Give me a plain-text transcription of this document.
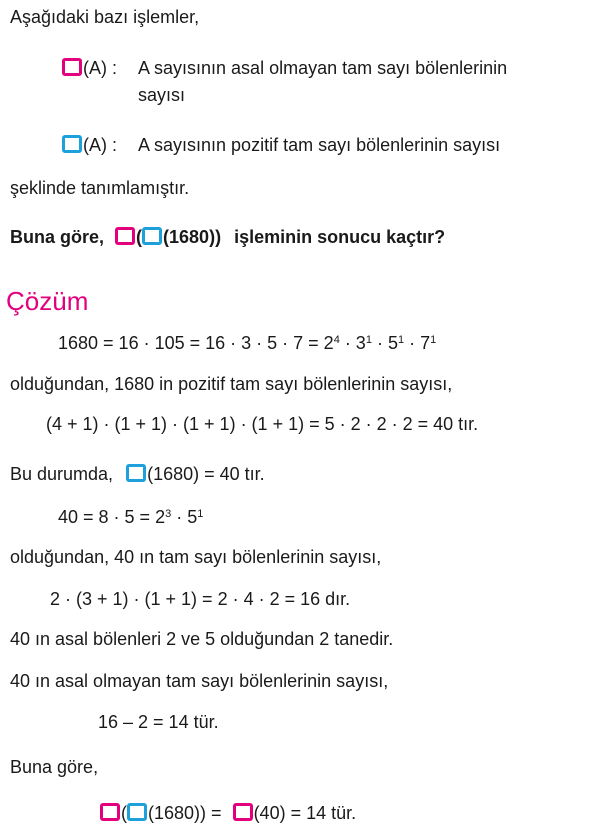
Aşağıdaki bazı işlemler,
(A) : A sayısının asal olmayan tam sayı bölenlerinin
sayısı
(A) : A sayısının pozitif tam sayı bölenlerinin sayısı
şeklinde tanımlamıştır.
Buna göre, ( (1680)) işleminin sonucu kaçtır?
Çözüm
$1680 = 16 \cdot 105 = 16 \cdot 3 \cdot 5 \cdot 7 = 2^4 \cdot 3^1 \cdot 5^1 \cdot 7^1$
olduğundan, 1680 in pozitif tam sayı bölenlerinin sayısı,
(4 + 1) · (1 + 1) · (1 + 1) · (1 + 1) = 5 · 2 · 2 · 2 = 40 tır.
Bu durumda, (1680) = 40 tır.
$40 = 8 \cdot 5 = 2^3 \cdot 5^1$
olduğundan, 40 ın tam sayı bölenlerinin sayısı,
2 · (3 + 1) · (1 + 1) = 2 · 4 · 2 = 16 dır.
40 ın asal bölenleri 2 ve 5 olduğundan 2 tanedir.
40 ın asal olmayan tam sayı bölenlerinin sayısı,
16 – 2 = 14 tür.
Buna göre,
( (1680)) = (40) = 14 tür.
